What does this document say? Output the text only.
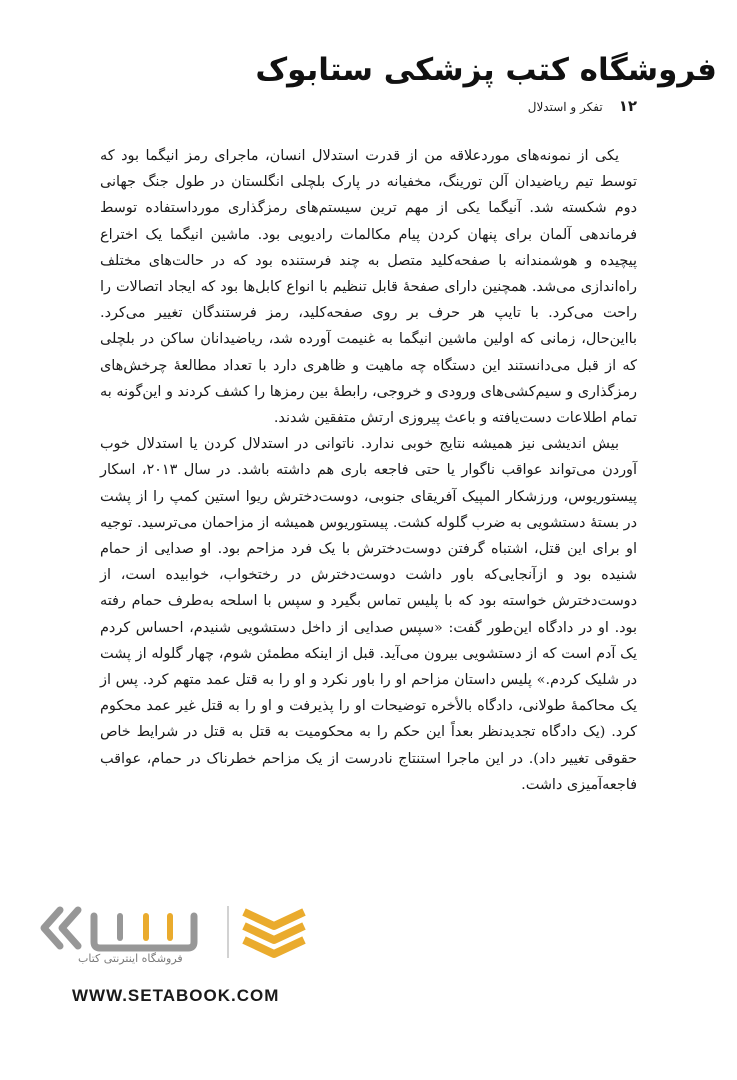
فروشگاه کتب پزشکی ستابوک
۱۲
تفکر و استدلال

یکی از نمونه‌های موردعلاقه من از قدرت استدلال انسان، ماجرای رمز انیگما بود که توسط تیم ریاضیدان آلن تورینگ، مخفیانه در پارک بلچلی انگلستان در طول جنگ جهانی دوم شکسته شد. آنیگما یکی از مهم ترین سیستم‌های رمزگذاری مورداستفاده توسط فرماندهی آلمان برای پنهان کردن پیام مکالمات رادیویی بود. ماشین انیگما یک اختراع پیچیده و هوشمندانه با صفحه‌کلید متصل به چند فرستنده بود که در حالت‌های مختلف راه‌اندازی می‌شد. همچنین دارای صفحهٔ قابل تنظیم با انواع کابل‌ها بود که ایجاد اتصالات را راحت می‌کرد. با تایپ هر حرف بر روی صفحه‌کلید، رمز فرستندگان تغییر می‌کرد. بااین‌حال، زمانی که اولین ماشین انیگما به غنیمت آورده شد، ریاضیدانان ساکن در بلچلی که از قبل می‌دانستند این دستگاه چه ماهیت و ظاهری دارد با تعداد مطالعهٔ چرخش‌های رمزگذاری و سیم‌کشی‌های ورودی و خروجی، رابطهٔ بین رمزها را کشف کردند و این‌گونه به تمام اطلاعات دست‌یافته و باعث پیروزی ارتش متفقین شدند.

بیش اندیشی نیز همیشه نتایج خوبی ندارد. ناتوانی در استدلال کردن یا استدلال خوب آوردن می‌تواند عواقب ناگوار یا حتی فاجعه باری هم داشته باشد. در سال ۲۰۱۳، اسکار پیستوریوس، ورزشکار المپیک آفریقای جنوبی، دوست‌دخترش ریوا استین کمپ را از پشت در بستهٔ دستشویی به ضرب گلوله کشت. پیستوریوس همیشه از مزاحمان می‌ترسید. توجیه او برای این قتل، اشتباه گرفتن دوست‌دخترش با یک فرد مزاحم بود. او صدایی از حمام شنیده بود و ازآنجایی‌که باور داشت دوست‌دخترش در رختخواب، خوابیده است، از دوست‌دخترش خواسته بود که با پلیس تماس بگیرد و سپس با اسلحه به‌طرف حمام رفته بود. او در دادگاه این‌طور گفت: «سپس صدایی از داخل دستشویی شنیدم، احساس کردم یک آدم است که از دستشویی بیرون می‌آید. قبل از اینکه مطمئن شوم، چهار گلوله از پشت در شلیک کردم.» پلیس داستان مزاحم او را باور نکرد و او را به قتل عمد متهم کرد. پس از یک محاکمهٔ طولانی، دادگاه بالأخره توضیحات او را پذیرفت و او را به قتل غیر عمد محکوم کرد. (یک دادگاه تجدیدنظر بعداً این حکم را به محکومیت به قتل به قتل در شرایط خاص حقوقی تغییر داد). در این ماجرا استنتاج نادرست از یک مزاحم خطرناک در حمام، عواقب فاجعه‌آمیزی داشت.

فروشگاه اینترنتی کتاب
WWW.SETABOOK.COM
